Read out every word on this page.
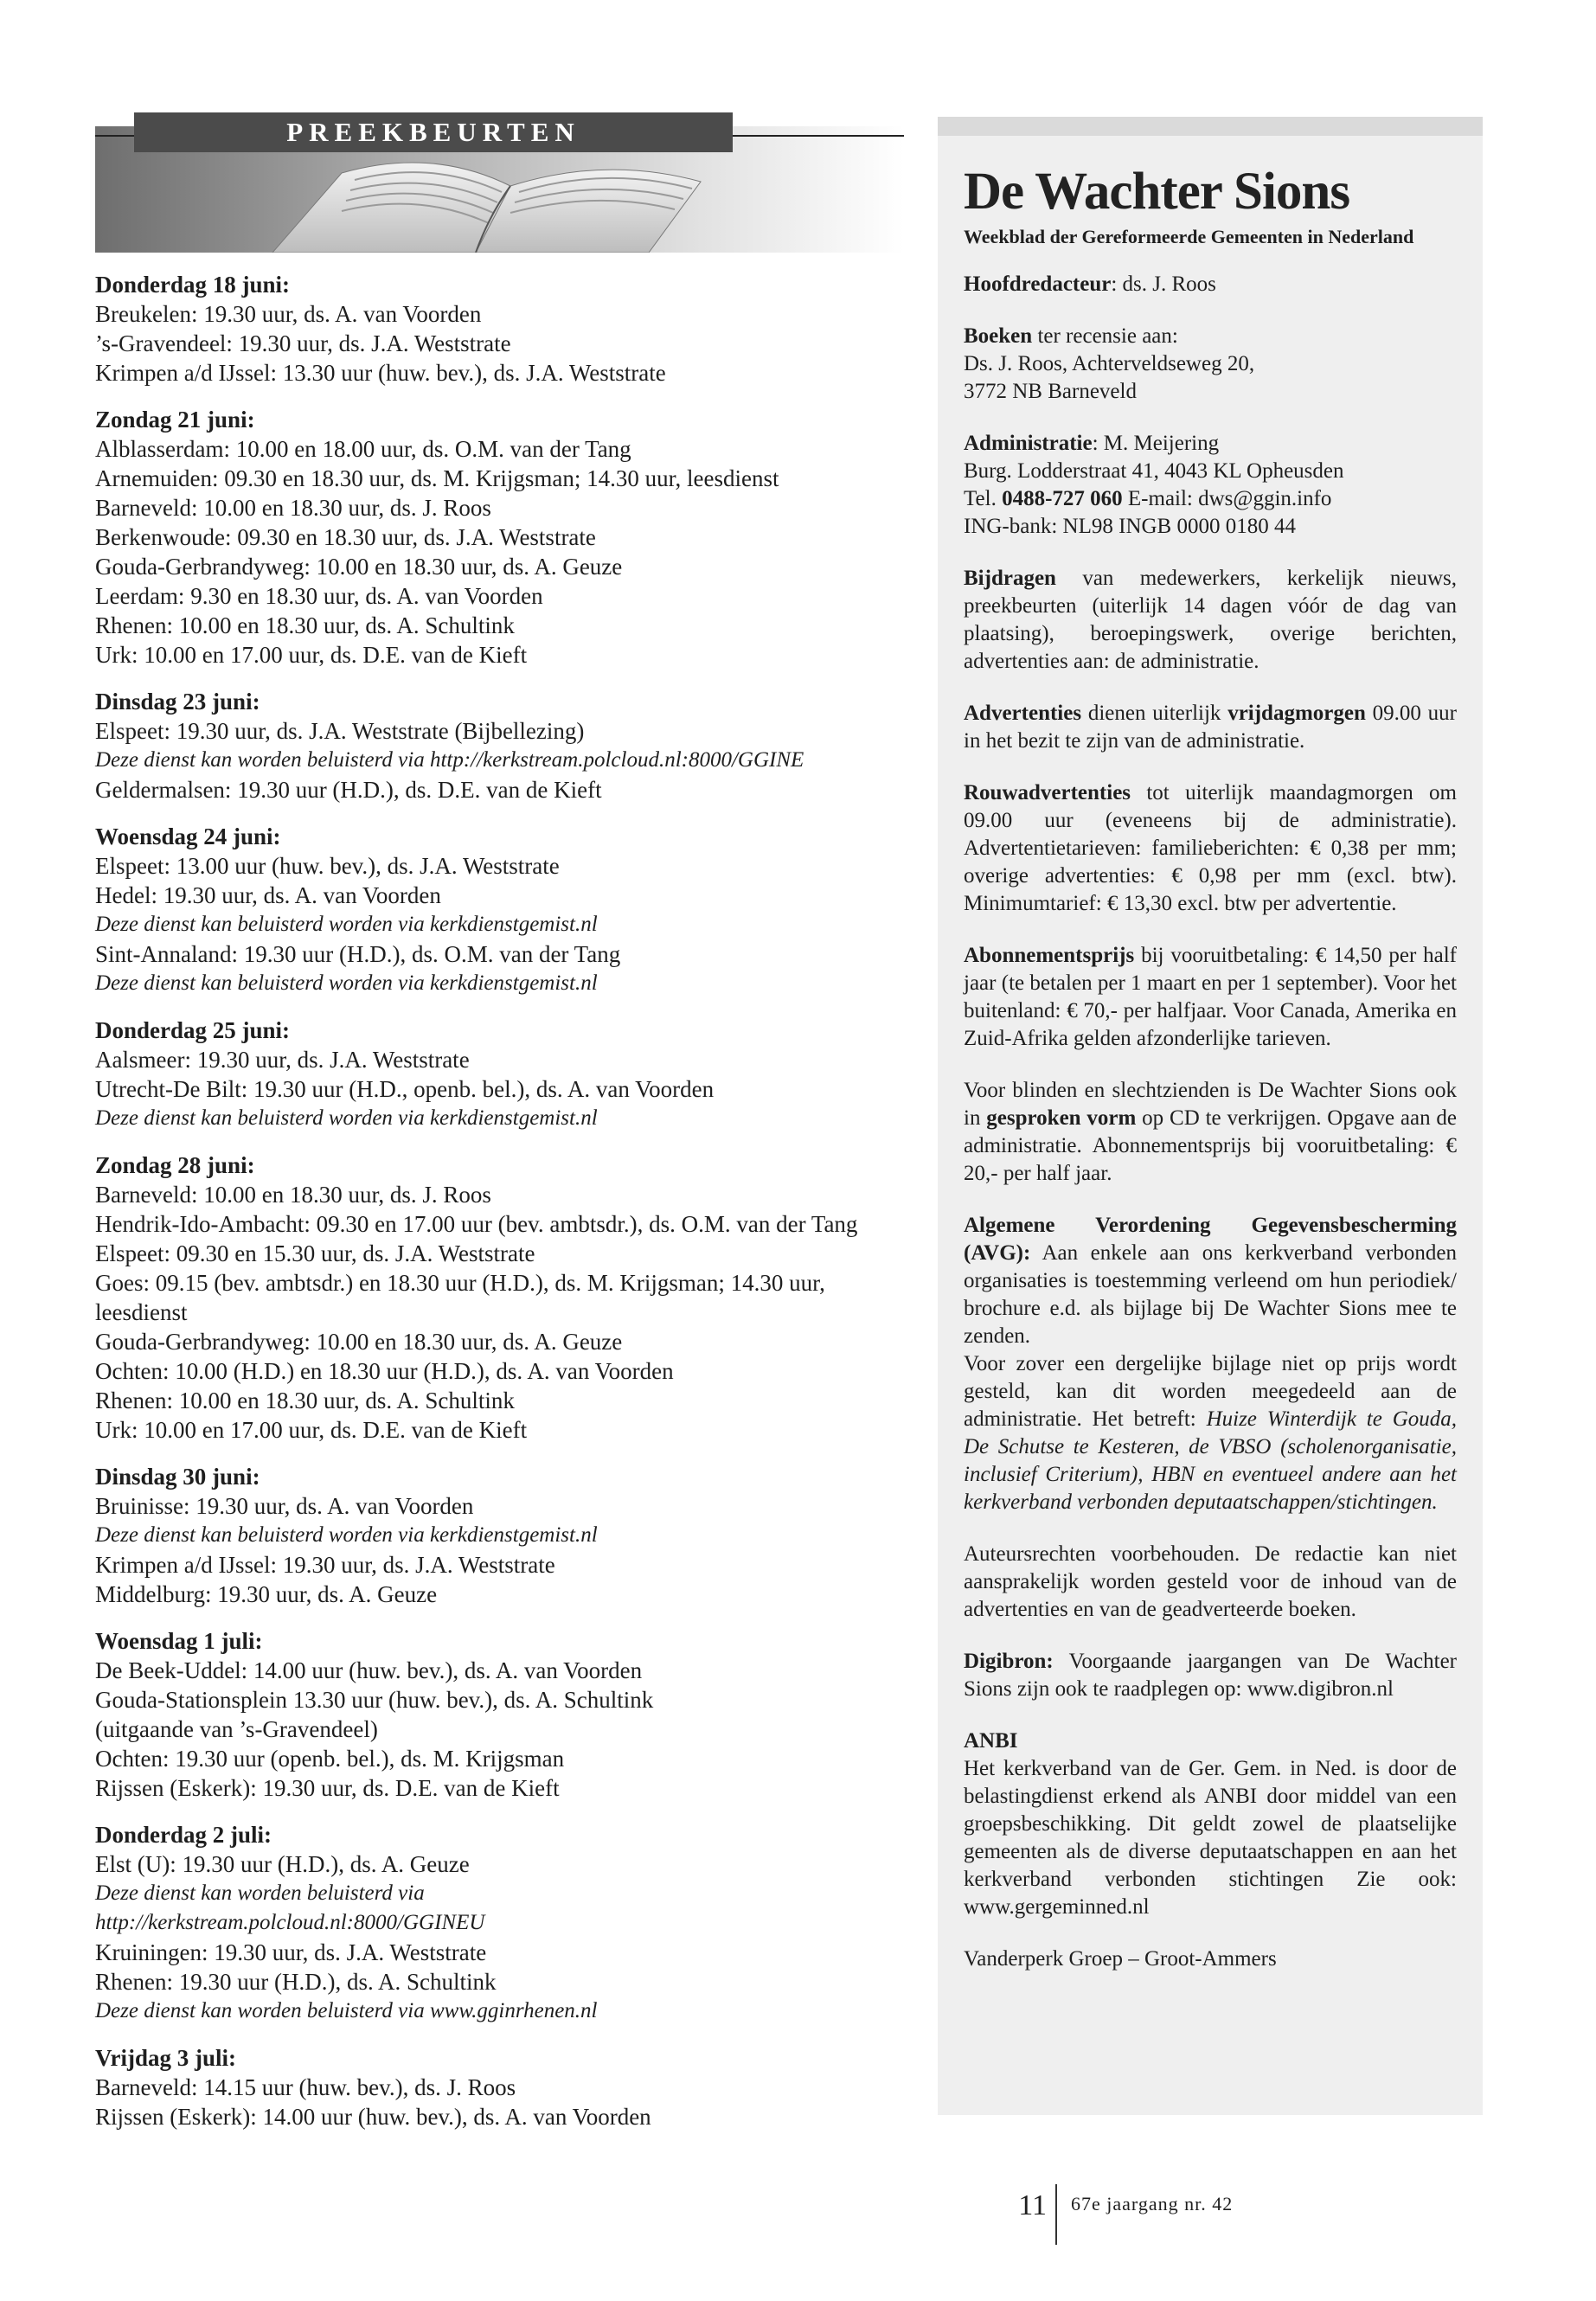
PREEKBEURTEN
Donderdag 18 juni:
Breukelen: 19.30 uur, ds. A. van Voorden
’s-Gravendeel: 19.30 uur, ds. J.A. Weststrate
Krimpen a/d IJssel: 13.30 uur (huw. bev.), ds. J.A. Weststrate
Zondag 21 juni:
Alblasserdam: 10.00 en 18.00 uur, ds. O.M. van der Tang
Arnemuiden: 09.30 en 18.30 uur, ds. M. Krijgsman; 14.30 uur, leesdienst
Barneveld: 10.00 en 18.30 uur, ds. J. Roos
Berkenwoude: 09.30 en 18.30 uur, ds. J.A. Weststrate
Gouda-Gerbrandyweg: 10.00 en 18.30 uur, ds. A. Geuze
Leerdam: 9.30 en 18.30 uur, ds. A. van Voorden
Rhenen: 10.00 en 18.30 uur, ds. A. Schultink
Urk: 10.00 en 17.00 uur, ds. D.E. van de Kieft
Dinsdag 23 juni:
Elspeet: 19.30 uur, ds. J.A. Weststrate (Bijbellezing)
Deze dienst kan worden beluisterd via http://kerkstream.polcloud.nl:8000/GGINE
Geldermalsen: 19.30 uur (H.D.), ds. D.E. van de Kieft
Woensdag 24 juni:
Elspeet: 13.00 uur (huw. bev.), ds. J.A. Weststrate
Hedel: 19.30 uur, ds. A. van Voorden
Deze dienst kan beluisterd worden via kerkdienstgemist.nl
Sint-Annaland: 19.30 uur (H.D.), ds. O.M. van der Tang
Deze dienst kan beluisterd worden via kerkdienstgemist.nl
Donderdag 25 juni:
Aalsmeer: 19.30 uur, ds. J.A. Weststrate
Utrecht-De Bilt: 19.30 uur (H.D., openb. bel.), ds. A. van Voorden
Deze dienst kan beluisterd worden via kerkdienstgemist.nl
Zondag 28 juni:
Barneveld: 10.00 en 18.30 uur, ds. J. Roos
Hendrik-Ido-Ambacht: 09.30 en 17.00 uur (bev. ambtsdr.), ds. O.M. van der Tang
Elspeet: 09.30 en 15.30 uur, ds. J.A. Weststrate
Goes: 09.15 (bev. ambtsdr.) en 18.30 uur (H.D.), ds. M. Krijgsman; 14.30 uur, leesdienst
Gouda-Gerbrandyweg: 10.00 en 18.30 uur, ds. A. Geuze
Ochten: 10.00 (H.D.) en 18.30 uur (H.D.), ds. A. van Voorden
Rhenen: 10.00 en 18.30 uur, ds. A. Schultink
Urk: 10.00 en 17.00 uur, ds. D.E. van de Kieft
Dinsdag 30 juni:
Bruinisse: 19.30 uur, ds. A. van Voorden
Deze dienst kan beluisterd worden via kerkdienstgemist.nl
Krimpen a/d IJssel: 19.30 uur, ds. J.A. Weststrate
Middelburg: 19.30 uur, ds. A. Geuze
Woensdag 1 juli:
De Beek-Uddel: 14.00 uur (huw. bev.), ds. A. van Voorden
Gouda-Stationsplein 13.30 uur (huw. bev.), ds. A. Schultink
(uitgaande van ’s-Gravendeel)
Ochten: 19.30 uur (openb. bel.), ds. M. Krijgsman
Rijssen (Eskerk): 19.30 uur, ds. D.E. van de Kieft
Donderdag 2 juli:
Elst (U): 19.30 uur (H.D.), ds. A. Geuze
Deze dienst kan worden beluisterd via
http://kerkstream.polcloud.nl:8000/GGINEU
Kruiningen: 19.30 uur, ds. J.A. Weststrate
Rhenen: 19.30 uur (H.D.), ds. A. Schultink
Deze dienst kan worden beluisterd via www.gginrhenen.nl
Vrijdag 3 juli:
Barneveld: 14.15 uur (huw. bev.), ds. J. Roos
Rijssen (Eskerk): 14.00 uur (huw. bev.), ds. A. van Voorden
De Wachter Sions
Weekblad der Gereformeerde Gemeenten in Nederland
Hoofdredacteur: ds. J. Roos
Boeken ter recensie aan:
Ds. J. Roos, Achterveldseweg 20,
3772 NB Barneveld
Administratie: M. Meijering
Burg. Lodderstraat 41, 4043 KL Opheusden
Tel. 0488-727 060 E-mail: dws@ggin.info
ING-bank: NL98 INGB 0000 0180 44
Bijdragen van medewerkers, kerkelijk nieuws, preekbeurten (uiterlijk 14 dagen vóór de dag van plaatsing), beroepingswerk, overige berichten, advertenties aan: de administratie.
Advertenties dienen uiterlijk vrijdagmorgen 09.00 uur in het bezit te zijn van de administratie.
Rouwadvertenties tot uiterlijk maandagmorgen om 09.00 uur (eveneens bij de administratie). Advertentietarieven: familieberichten: € 0,38 per mm; overige advertenties: € 0,98 per mm (excl. btw). Minimumtarief: € 13,30 excl. btw per advertentie.
Abonnementsprijs bij vooruitbetaling: € 14,50 per half jaar (te betalen per 1 maart en per 1 september). Voor het buitenland: € 70,- per halfjaar. Voor Canada, Amerika en Zuid-Afrika gelden afzonderlijke tarieven.
Voor blinden en slechtzienden is De Wachter Sions ook in gesproken vorm op CD te verkrijgen. Opgave aan de administratie. Abonnementsprijs bij vooruitbetaling: € 20,- per half jaar.
Algemene Verordening Gegevensbescherming (AVG): Aan enkele aan ons kerkverband verbonden organisaties is toestemming verleend om hun periodiek/ brochure e.d. als bijlage bij De Wachter Sions mee te zenden.
Voor zover een dergelijke bijlage niet op prijs wordt gesteld, kan dit worden meegedeeld aan de administratie. Het betreft: Huize Winterdijk te Gouda, De Schutse te Kesteren, de VBSO (scholenorganisatie, inclusief Criterium), HBN en eventueel andere aan het kerkverband verbonden deputaatschappen/stichtingen.
Auteursrechten voorbehouden. De redactie kan niet aansprakelijk worden gesteld voor de inhoud van de advertenties en van de geadverteerde boeken.
Digibron: Voorgaande jaargangen van De Wachter Sions zijn ook te raadplegen op: www.digibron.nl
ANBI
Het kerkverband van de Ger. Gem. in Ned. is door de belastingdienst erkend als ANBI door middel van een groepsbeschikking. Dit geldt zowel de plaatselijke gemeenten als de diverse deputaatschappen en aan het kerkverband verbonden stichtingen Zie ook: www.gergeminned.nl
Vanderperk Groep – Groot-Ammers
11 67e jaargang nr. 42
